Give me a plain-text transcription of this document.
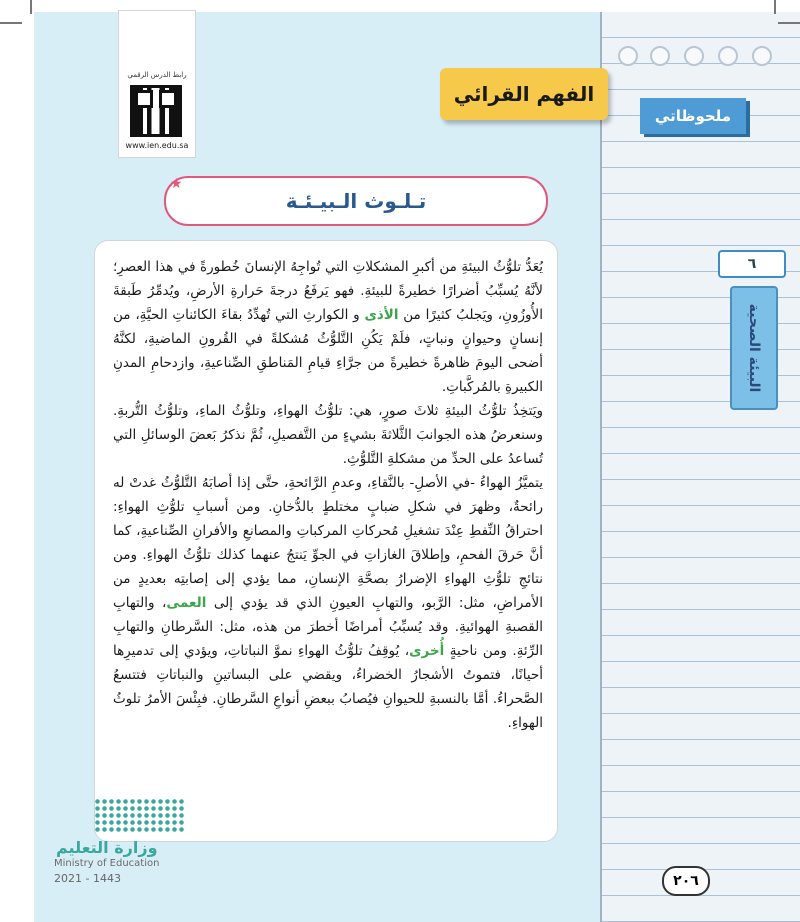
رابط الدرس الرقمي
www.ien.edu.sa
الفهم القرائي
ملحوظاتي
تـلـوث الـبيـئـة
★

يُعَدُّ تلوُّثُ البيئةِ من أكبرِ المشكلاتِ التي تُواجِهُ الإنسانَ خُطورةً في هذا العصرِ؛ لأنَّهُ يُسبِّبُ أضرارًا خطيرةً للبيئةِ. فهو يَرفَعُ درجةَ حَرارةِ الأرضِ، ويُدمِّرُ طَبقةَ الأُوزُونِ، ويَجلبُ كثيرًا من الأذى و الكوارثِ التي تُهدِّدُ بقاءَ الكائناتِ الحيَّةِ، من إنسانٍ وحيوانٍ ونباتٍ، فلَمْ يَكُنِ التَّلوُّثُ مُشكلةً في القُرونِ الماضيةِ، لكنَّهُ أضحى اليومَ ظاهرةً خطيرةً من جرَّاءِ قيامِ المَناطقِ الصِّناعيةِ، وازدحامِ المدنِ الكبيرةِ بالمُركَّباتِ.

ويَتخِذُ تلوُّثُ البيئةِ ثلاثَ صورٍ، هي: تلوُّثُ الهواءِ، وتلوُّثُ الماءِ، وتلوُّثُ التُّربةِ. وسنعرضُ هذه الجوانبَ الثَّلاثةَ بشيءٍ من التَّفصيلِ، ثُمَّ نذكرُ بَعضَ الوسائلِ التي تُساعدُ على الحدِّ من مشكلةِ التَّلوُّثِ.

يتميَّزُ الهواءُ -في الأصلِ- بالنَّقاءِ، وعدمِ الرَّائحةِ، حتَّى إذا أصابَهُ التَّلوُّثُ غدتْ له رائحةٌ، وظهرَ في شكلِ ضبابٍ مختلطٍ بالدُّخانِ. ومن أسبابِ تلوُّثِ الهواءِ: احتراقُ النِّفطِ عِنْدَ تشغيلِ مُحركاتِ المركباتِ والمصانعِ والأفرانِ الصِّناعيةِ، كما أنَّ حَرقَ الفحمِ، وإطلاقَ الغازاتِ في الجوِّ يَنتجُ عنهما كذلك تلوُّثُ الهواءِ. ومن نتائجِ تلوُّثِ الهواءِ الإضرارُ بصحَّةِ الإنسانِ، مما يؤدي إلى إصابتِه بعديدٍ من الأمراضِ، مثل: الرَّبو، والتهابِ العيونِ الذي قد يؤدي إلى العمى، والتهابِ القصبةِ الهوائيةِ. وقد يُسبِّبُ أمراضًا أخطرَ من هذه، مثل: السَّرطانِ والتهابِ الرِّئةِ. ومن ناحيةٍ أُخرى، يُوقِفُ تلوُّثُ الهواءِ نموَّ النباتاتِ، ويؤدي إلى تدميرِها أحيانًا، فتموتُ الأشجارُ الخضراءُ، ويقضي على البساتينِ والنباتاتِ فتتسعُ الصَّحراءُ. أمَّا بالنسبةِ للحيوانِ فيُصابُ ببعضِ أنواعِ السَّرطانِ. فبِئْسَ الأمرُ تلوثُ الهواءِ.

٦
البيئة الصحية
وزارة التعليم
Ministry of Education
2021 - 1443	٢٠٦
